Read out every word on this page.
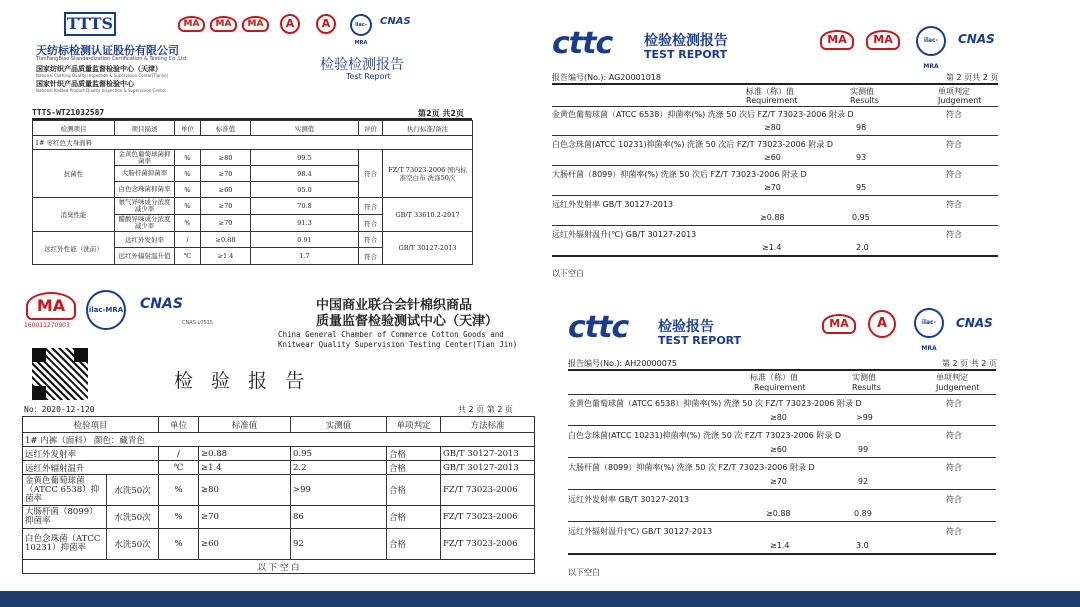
TTTS
天纺标检测认证股份有限公司
TianFangBiao Standardization Certification & Testing Co.,Ltd.
国家纺织产品质量监督检验中心（天津）
National Clothing Quality Inspection & Supervision Center(Tianjin)
国家针织产品质量监督检验中心
National Knitted Product Quality Inspection & Supervision Center
MA	MA	MA	A	A	ilac-MRA
CNAS
检验检测报告
Test Report
TTTS-WT21032587	第2页 共2页
检测项目	项目描述	单位	标准值	实测值	评价	执行标准/备注
1# 枣红色大身面料						
抗菌性	金黄色葡萄球菌抑菌率	%	≥80	99.5	符合	FZ/T 73023-2006 国内标准空白布 洗涤50次
	大肠杆菌抑菌率	%	≥70	98.4		
	白色念珠菌抑菌率	%	≥60	95.0		
消臭性能	氨气异味成分浓度减少率	%	≥70	70.8	符合	GB/T 33610.2-2017
	醋酸异味成分浓度减少率	%	≥70	91.3	符合	
远红外性能（洗前）	远红外发射率	/	≥0.88	0.91	符合	GB/T 30127-2013
	远红外辐射温升值	℃	≥1.4	1.7	符合	
MA
160011270903
ilac-MRA CNAS
CNAS L0515
中国商业联合会针棉织商品
质量监督检验测试中心（天津）
China General Chamber of Commerce Cotton Goods and
Knitwear Quality Supervision Testing Center(Tian Jin)
检 验 报 告
No：2020-12-120	共 2 页 第 2 页
检验项目		单位	标准值	实测值	单项判定	方法标准
1# 内裤（面料） 颜色：藏青色						
远红外发射率		/	≥0.88	0.95	合格	GB/T 30127-2013
远红外辐射温升		℃	≥1.4	2.2	合格	GB/T 30127-2013
金黄色葡萄球菌（ATCC 6538）抑菌率	水洗50次	%	≥80	>99	合格	FZ/T 73023-2006
大肠杆菌（8099）抑菌率	水洗50次	%	≥70	86	合格	FZ/T 73023-2006
白色念珠菌（ATCC 10231）抑菌率	水洗50次	%	≥60	92	合格	FZ/T 73023-2006
以 下 空 白						
cttc 检验检测报告
TEST REPORT
MA	MA	ilac-MRA
CNAS
报告编号(No.): AG20001018	第 2 页共 2 页
标准（称）值
Requirement
实测值
Results
单项判定
Judgement
金黄色葡萄球菌（ATCC 6538）抑菌率(%) 洗涤 50 次后 FZ/T 73023-2006 附录 D	符合
≥80	98
白色念珠菌(ATCC 10231)抑菌率(%) 洗涤 50 次后 FZ/T 73023-2006 附录 D	符合
≥60	93
大肠杆菌（8099）抑菌率(%) 洗涤 50 次后 FZ/T 73023-2006 附录 D	符合
≥70	95
远红外发射率 GB/T 30127-2013	符合
≥0.88	0.95
远红外辐射温升(℃) GB/T 30127-2013	符合
≥1.4	2.0
以下空白
cttc 检验报告
TEST REPORT
MA	A	ilac-MRA
CNAS
报告编号(No.): AH20000075	第 2 页 共 2 页
标准（称）值
Requirement
实测值
Results
单项判定
Judgement
金黄色葡萄球菌（ATCC 6538）抑菌率(%) 洗涤 50 次 FZ/T 73023-2006 附录 D	符合
≥80	>99
白色念珠菌(ATCC 10231)抑菌率(%) 洗涤 50 次 FZ/T 73023-2006 附录 D	符合
≥60	99
大肠杆菌（8099）抑菌率(%) 洗涤 50 次 FZ/T 73023-2006 附录 D	符合
≥70	92
远红外发射率 GB/T 30127-2013	符合
≥0.88	0.89
远红外辐射温升(℃) GB/T 30127-2013	符合
≥1.4	3.0
以下空白
